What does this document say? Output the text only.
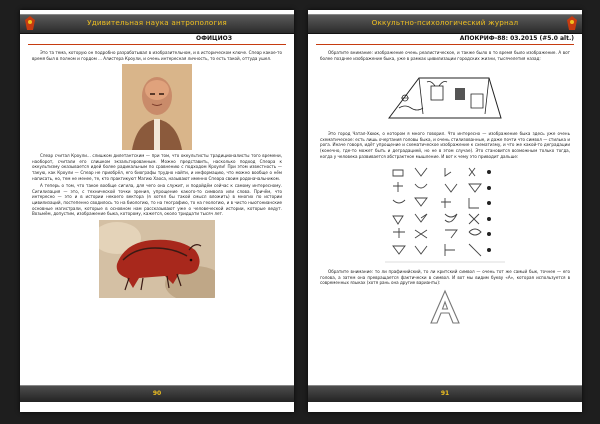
Удивительная наука антропология
ОФИЦИОЗ

Это та тема, которую он подробно разрабатывал в изобразительном, и в историческом ключе. Спеар какое-то время был в полном и гордом ... Алистера Кроули, и очень интересная личность, то есть такой, оттуда ушел.

Спеар считал Кроули... слишком дилетантским — при том, что оккультисты традиционалисты того времени, наоборот, считали его слишком экзальтированным. Можно представить, насколько подход Спеара к оккультизму оказывается идей более радикальным по сравнению с подходом Кроули! При этом известность — такую, как Кроули — Спеар не приобрёл, его биографы трудно найти, и информацию, что можно вообще о нём написать, но, тем не менее, те, кто практикуют Магию Хаоса, называют именно Спеара своим родоначальником.

А теперь о том, что такое вообще сигила, для чего она служит, и подойдём сейчас к самому интересному. Сигилизация — это, с технической точки зрения, упрощение какого-то символа или слова. Причём, что интересно — это и в истории некоего вектора (я хотел бы такой смысл вложить) в многих по истории цивилизаций, постепенно сводилось то на биологию, то на географию, то на геологию, и в чисто ньютонианские основные магистрали, которые в основном нам рассказывают уже о человеческой истории, которые ведут. Возьмём, допустим, изображение быка, которому, кажется, около тридцати тысяч лет.

90
Оккультно-психологический журнал
АПОКРИФ-88: 03.2015 (#5.0 alt.)

Обратите внимание: изображение очень реалистическое, и также было в то время было изображение. А вот более позднее изображение быка, уже в рамках цивилизации городских жизни, тысячелетия назад:

Это город Чатал-Хююк, о котором я много говорил. Что интересно — изображение быка здесь уже очень схематическое: есть лишь очертания головы быка, и очень стилизованные, и даже почти что символ — стилька и рога. Иначе говоря, идёт упрощение и схематическое изображение к схематизму, и что же какой-то деградации (конечно, где-то может быть и деградацией, но не в этом случае). Это становится возможным только тогда, когда у человека развивается абстрактное мышление. И вот к чему это приводит дальше:

Обратите внимание: то ли прафинийский, то ли критский символ — очень тот же самый бык, точнее — его голова, а затем она превращается фактически в символ. И вот мы видим букву «А», которая используется в современных языках (хотя рань она другие варианты):

91
